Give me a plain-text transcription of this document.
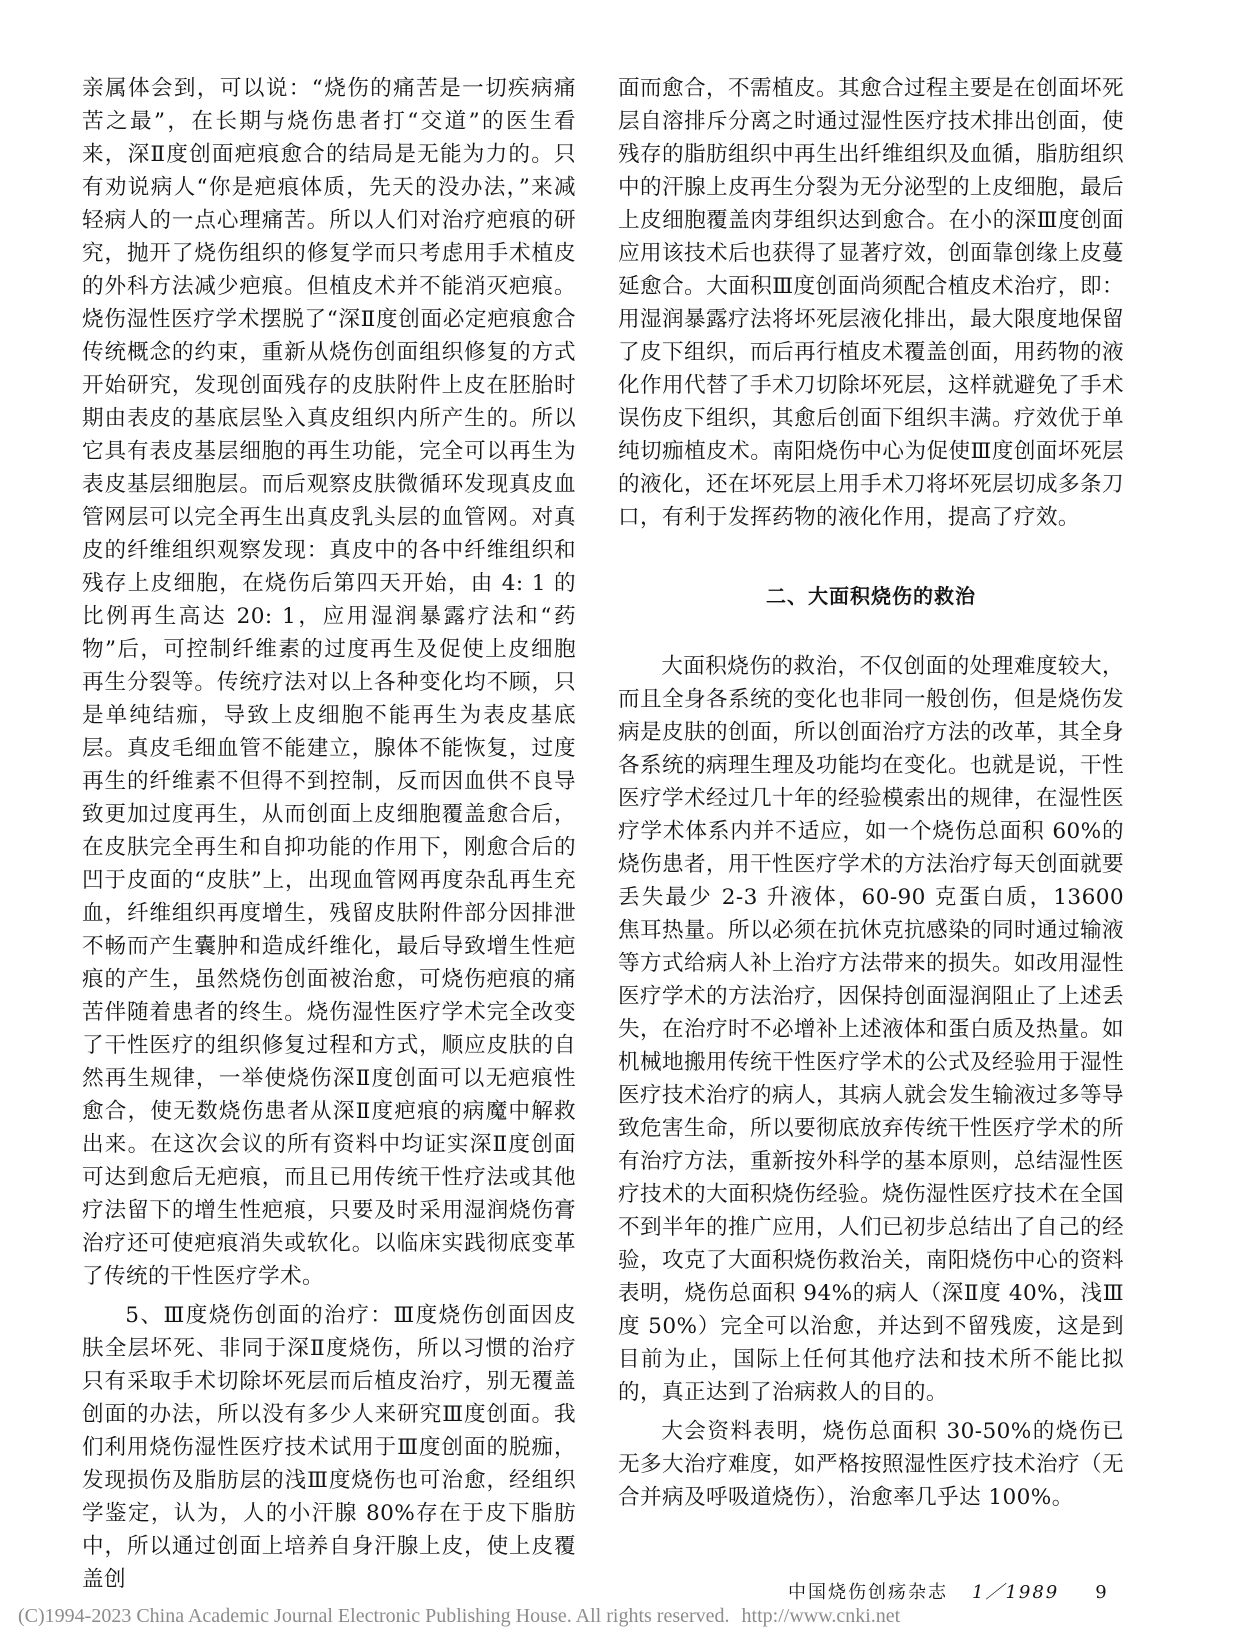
亲属体会到，可以说：“烧伤的痛苦是一切疾病痛苦之最”，在长期与烧伤患者打“交道”的医生看来，深Ⅱ度创面疤痕愈合的结局是无能为力的。只有劝说病人“你是疤痕体质，先天的没办法，”来减轻病人的一点心理痛苦。所以人们对治疗疤痕的研究，抛开了烧伤组织的修复学而只考虑用手术植皮的外科方法减少疤痕。但植皮术并不能消灭疤痕。烧伤湿性医疗学术摆脱了“深Ⅱ度创面必定疤痕愈合传统概念的约束，重新从烧伤创面组织修复的方式开始研究，发现创面残存的皮肤附件上皮在胚胎时期由表皮的基底层坠入真皮组织内所产生的。所以它具有表皮基层细胞的再生功能，完全可以再生为表皮基层细胞层。而后观察皮肤微循环发现真皮血管网层可以完全再生出真皮乳头层的血管网。对真皮的纤维组织观察发现：真皮中的各中纤维组织和残存上皮细胞，在烧伤后第四天开始，由 4: 1 的比例再生高达 20: 1，应用湿润暴露疗法和“药物”后，可控制纤维素的过度再生及促使上皮细胞再生分裂等。传统疗法对以上各种变化均不顾，只是单纯结痂，导致上皮细胞不能再生为表皮基底层。真皮毛细血管不能建立，腺体不能恢复，过度再生的纤维素不但得不到控制，反而因血供不良导致更加过度再生，从而创面上皮细胞覆盖愈合后，在皮肤完全再生和自抑功能的作用下，刚愈合后的凹于皮面的“皮肤”上，出现血管网再度杂乱再生充血，纤维组织再度增生，残留皮肤附件部分因排泄不畅而产生囊肿和造成纤维化，最后导致增生性疤痕的产生，虽然烧伤创面被治愈，可烧伤疤痕的痛苦伴随着患者的终生。烧伤湿性医疗学术完全改变了干性医疗的组织修复过程和方式，顺应皮肤的自然再生规律，一举使烧伤深Ⅱ度创面可以无疤痕性愈合，使无数烧伤患者从深Ⅱ度疤痕的病魔中解救出来。在这次会议的所有资料中均证实深Ⅱ度创面可达到愈后无疤痕，而且已用传统干性疗法或其他疗法留下的增生性疤痕，只要及时采用湿润烧伤膏治疗还可使疤痕消失或软化。以临床实践彻底变革了传统的干性医疗学术。

5、Ⅲ度烧伤创面的治疗：Ⅲ度烧伤创面因皮肤全层坏死、非同于深Ⅱ度烧伤，所以习惯的治疗只有采取手术切除坏死层而后植皮治疗，别无覆盖创面的办法，所以没有多少人来研究Ⅲ度创面。我们利用烧伤湿性医疗技术试用于Ⅲ度创面的脱痂，发现损伤及脂肪层的浅Ⅲ度烧伤也可治愈，经组织学鉴定，认为，人的小汗腺 80%存在于皮下脂肪中，所以通过创面上培养自身汗腺上皮，使上皮覆盖创

面而愈合，不需植皮。其愈合过程主要是在创面坏死层自溶排斥分离之时通过湿性医疗技术排出创面，使残存的脂肪组织中再生出纤维组织及血循，脂肪组织中的汗腺上皮再生分裂为无分泌型的上皮细胞，最后上皮细胞覆盖肉芽组织达到愈合。在小的深Ⅲ度创面应用该技术后也获得了显著疗效，创面靠创缘上皮蔓延愈合。大面积Ⅲ度创面尚须配合植皮术治疗，即：用湿润暴露疗法将坏死层液化排出，最大限度地保留了皮下组织，而后再行植皮术覆盖创面，用药物的液化作用代替了手术刀切除坏死层，这样就避免了手术误伤皮下组织，其愈后创面下组织丰满。疗效优于单纯切痂植皮术。南阳烧伤中心为促使Ⅲ度创面坏死层的液化，还在坏死层上用手术刀将坏死层切成多条刀口，有利于发挥药物的液化作用，提高了疗效。

二、大面积烧伤的救治

大面积烧伤的救治，不仅创面的处理难度较大，而且全身各系统的变化也非同一般创伤，但是烧伤发病是皮肤的创面，所以创面治疗方法的改革，其全身各系统的病理生理及功能均在变化。也就是说，干性医疗学术经过几十年的经验模索出的规律，在湿性医疗学术体系内并不适应，如一个烧伤总面积 60%的烧伤患者，用干性医疗学术的方法治疗每天创面就要丢失最少 2-3 升液体，60-90 克蛋白质，13600 焦耳热量。所以必须在抗休克抗感染的同时通过输液等方式给病人补上治疗方法带来的损失。如改用湿性医疗学术的方法治疗，因保持创面湿润阻止了上述丢失，在治疗时不必增补上述液体和蛋白质及热量。如机械地搬用传统干性医疗学术的公式及经验用于湿性医疗技术治疗的病人，其病人就会发生输液过多等导致危害生命，所以要彻底放弃传统干性医疗学术的所有治疗方法，重新按外科学的基本原则，总结湿性医疗技术的大面积烧伤经验。烧伤湿性医疗技术在全国不到半年的推广应用，人们已初步总结出了自己的经验，攻克了大面积烧伤救治关，南阳烧伤中心的资料表明，烧伤总面积 94%的病人（深Ⅱ度 40%，浅Ⅲ度 50%）完全可以治愈，并达到不留残废，这是到目前为止，国际上任何其他疗法和技术所不能比拟的，真正达到了治病救人的目的。

大会资料表明，烧伤总面积 30-50%的烧伤已无多大治疗难度，如严格按照湿性医疗技术治疗（无合并病及呼吸道烧伤），治愈率几乎达 100%。

中国烧伤创疡杂志 1／1989 9
(C)1994-2023 China Academic Journal Electronic Publishing House. All rights reserved. http://www.cnki.net
